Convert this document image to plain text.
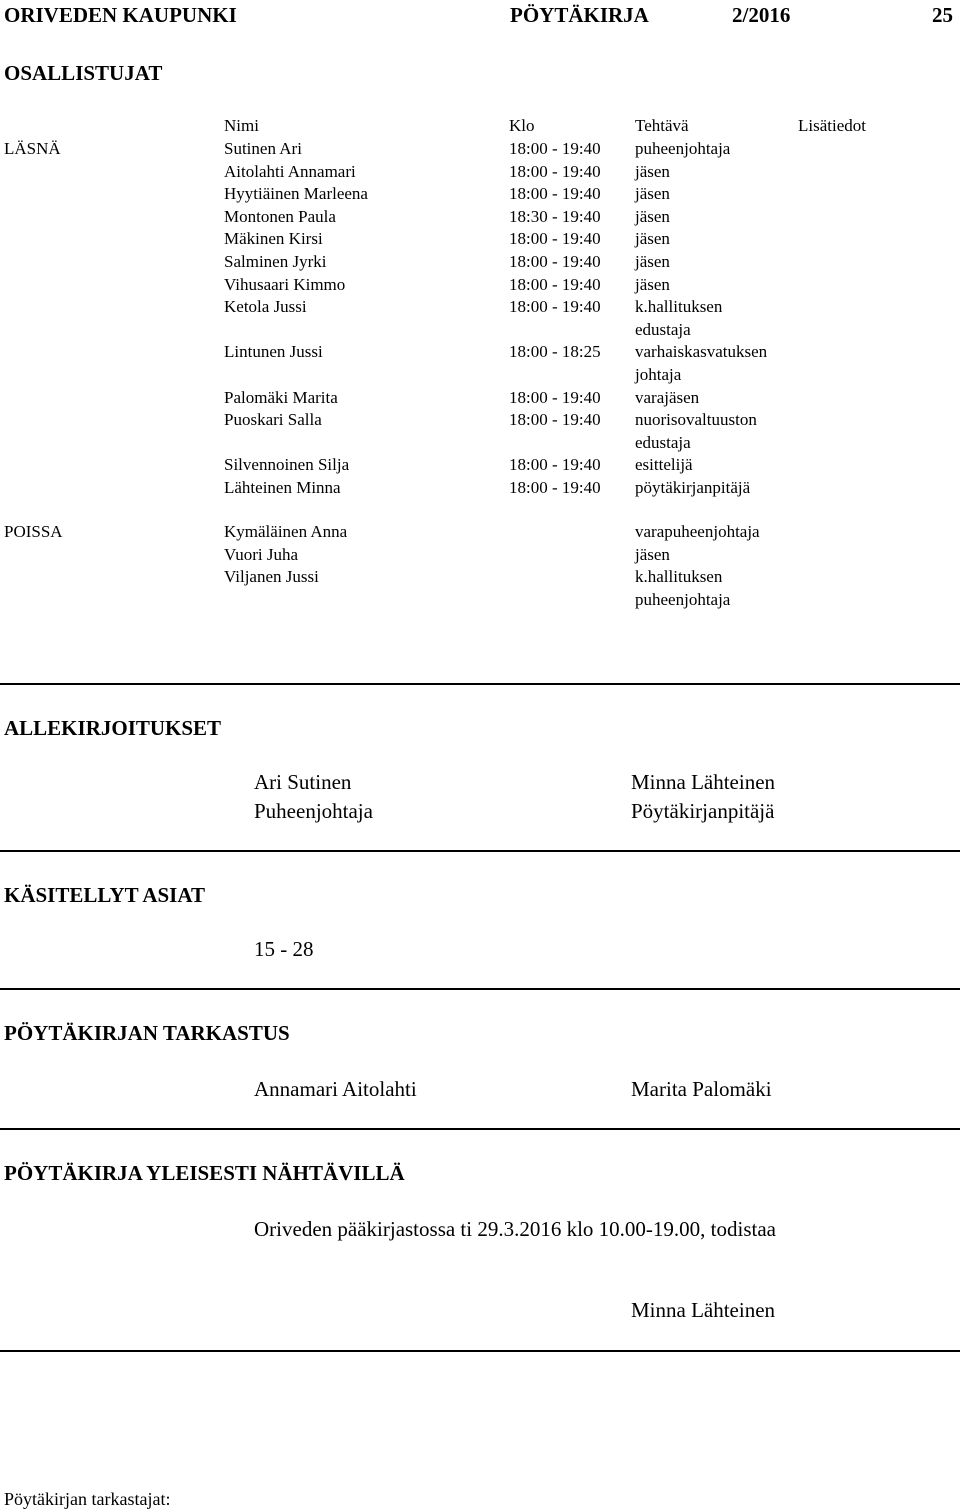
ORIVEDEN KAUPUNKI	PÖYTÄKIRJA	2/2016	25
OSALLISTUJAT
Nimi	Klo	Tehtävä	Lisätiedot
LÄSNÄ	Sutinen Ari	18:00 - 19:40 puheenjohtaja
Aitolahti Annamari	18:00 - 19:40 jäsen
Hyytiäinen Marleena	18:00 - 19:40 jäsen
Montonen Paula	18:30 - 19:40 jäsen
Mäkinen Kirsi	18:00 - 19:40 jäsen
Salminen Jyrki	18:00 - 19:40 jäsen
Vihusaari Kimmo	18:00 - 19:40 jäsen
Ketola Jussi	18:00 - 19:40 k.hallituksen
edustaja
Lintunen Jussi	18:00 - 18:25 varhaiskasvatuksen
johtaja
Palomäki Marita	18:00 - 19:40 varajäsen
Puoskari Salla	18:00 - 19:40 nuorisovaltuuston
edustaja
Silvennoinen Silja	18:00 - 19:40 esittelijä
Lähteinen Minna	18:00 - 19:40 pöytäkirjanpitäjä
POISSA	Kymäläinen Anna	varapuheenjohtaja
Vuori Juha	jäsen
Viljanen Jussi	k.hallituksen
puheenjohtaja
ALLEKIRJOITUKSET
Ari Sutinen
Puheenjohtaja
Minna Lähteinen
Pöytäkirjanpitäjä
KÄSITELLYT ASIAT
15 - 28
PÖYTÄKIRJAN TARKASTUS
Annamari Aitolahti	Marita Palomäki
PÖYTÄKIRJA YLEISESTI NÄHTÄVILLÄ
Oriveden pääkirjastossa ti 29.3.2016 klo 10.00-19.00, todistaa
Minna Lähteinen
Pöytäkirjan tarkastajat:
